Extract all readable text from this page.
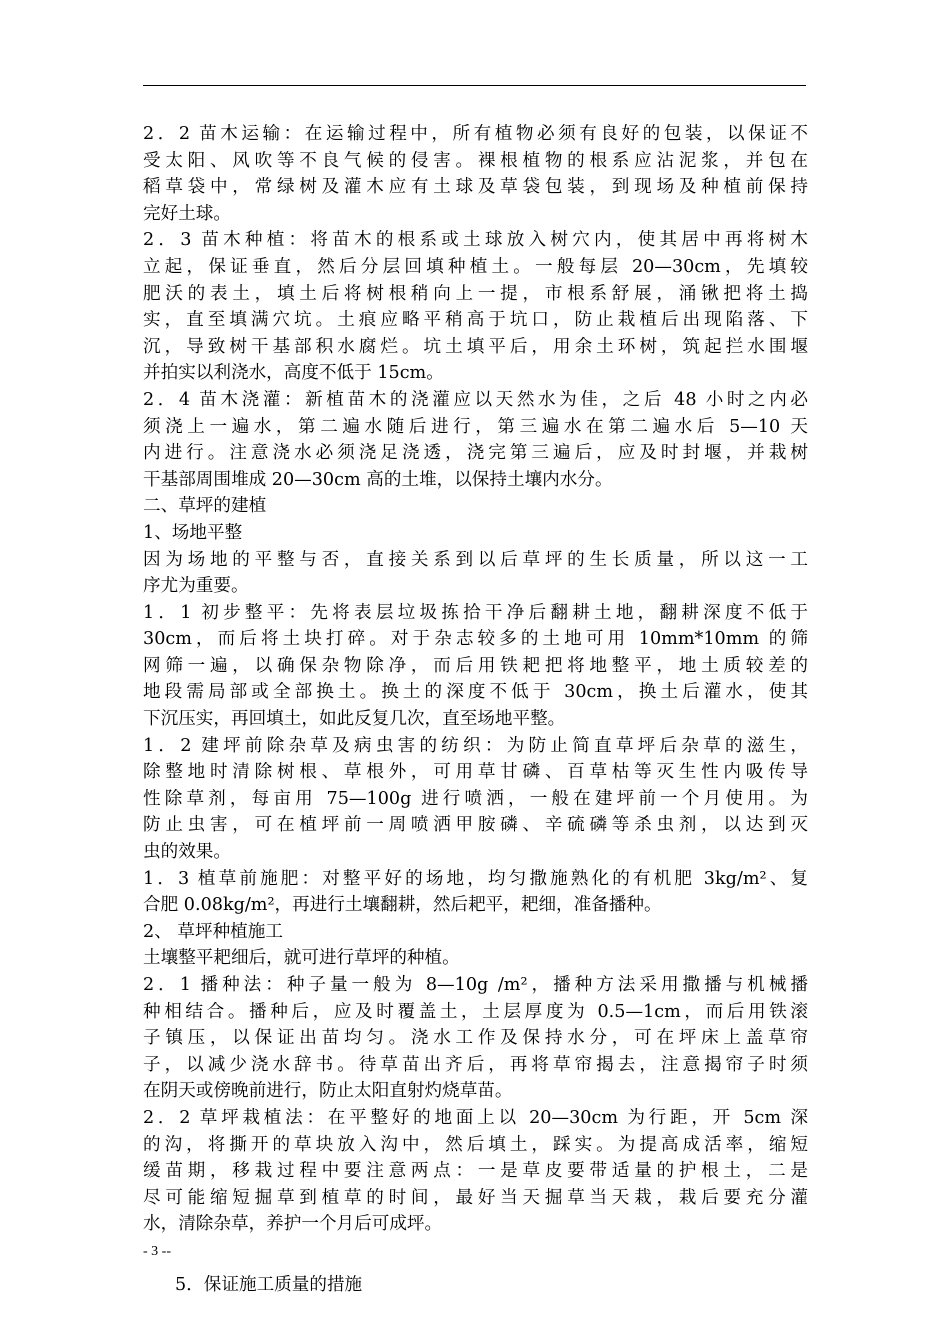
2．2 苗木运输：在运输过程中，所有植物必须有良好的包装，以保证不
受太阳、风吹等不良气候的侵害。裸根植物的根系应沾泥浆，并包在
稻草袋中，常绿树及灌木应有土球及草袋包装，到现场及种植前保持
完好土球。
2．3 苗木种植：将苗木的根系或土球放入树穴内，使其居中再将树木
立起，保证垂直，然后分层回填种植土。一般每层 20—30cm，先填较
肥沃的表土，填土后将树根稍向上一提，市根系舒展，涌锹把将土捣
实，直至填满穴坑。土痕应略平稍高于坑口，防止栽植后出现陷落、下
沉，导致树干基部积水腐烂。坑土填平后，用余土环树，筑起拦水围堰
并拍实以利浇水，高度不低于 15cm。
2．4 苗木浇灌：新植苗木的浇灌应以天然水为佳，之后 48 小时之内必
须浇上一遍水，第二遍水随后进行，第三遍水在第二遍水后 5—10 天
内进行。注意浇水必须浇足浇透，浇完第三遍后，应及时封堰，并栽树
干基部周围堆成 20—30cm 高的土堆，以保持土壤内水分。
二、草坪的建植
1、场地平整
因为场地的平整与否，直接关系到以后草坪的生长质量，所以这一工
序尤为重要。
1．1 初步整平：先将表层垃圾拣拾干净后翻耕土地，翻耕深度不低于
30cm，而后将土块打碎。对于杂志较多的土地可用 10mm*10mm 的筛
网筛一遍，以确保杂物除净，而后用铁耙把将地整平，地土质较差的
地段需局部或全部换土。换土的深度不低于 30cm，换土后灌水，使其
下沉压实，再回填土，如此反复几次，直至场地平整。
1．2 建坪前除杂草及病虫害的纺织：为防止简直草坪后杂草的滋生，
除整地时清除树根、草根外，可用草甘磷、百草枯等灭生性内吸传导
性除草剂，每亩用 75—100g 进行喷洒，一般在建坪前一个月使用。为
防止虫害，可在植坪前一周喷洒甲胺磷、辛硫磷等杀虫剂，以达到灭
虫的效果。
1．3 植草前施肥：对整平好的场地，均匀撒施熟化的有机肥 3kg/m²、复
合肥 0.08kg/m²，再进行土壤翻耕，然后耙平，耙细，准备播种。
2、 草坪种植施工
土壤整平耙细后，就可进行草坪的种植。
2．1 播种法：种子量一般为 8—10g /m²，播种方法采用撒播与机械播
种相结合。播种后，应及时覆盖土，土层厚度为 0.5—1cm，而后用铁滚
子镇压，以保证出苗均匀。浇水工作及保持水分，可在坪床上盖草帘
子，以减少浇水辞书。待草苗出齐后，再将草帘揭去，注意揭帘子时须
在阴天或傍晚前进行，防止太阳直射灼烧草苗。
2．2 草坪栽植法：在平整好的地面上以 20—30cm 为行距，开 5cm 深
的沟，将撕开的草块放入沟中，然后填土，踩实。为提高成活率，缩短
缓苗期，移栽过程中要注意两点：一是草皮要带适量的护根土，二是
尽可能缩短掘草到植草的时间，最好当天掘草当天栽，栽后要充分灌
水，清除杂草，养护一个月后可成坪。
5．保证施工质量的措施
- 3 --
